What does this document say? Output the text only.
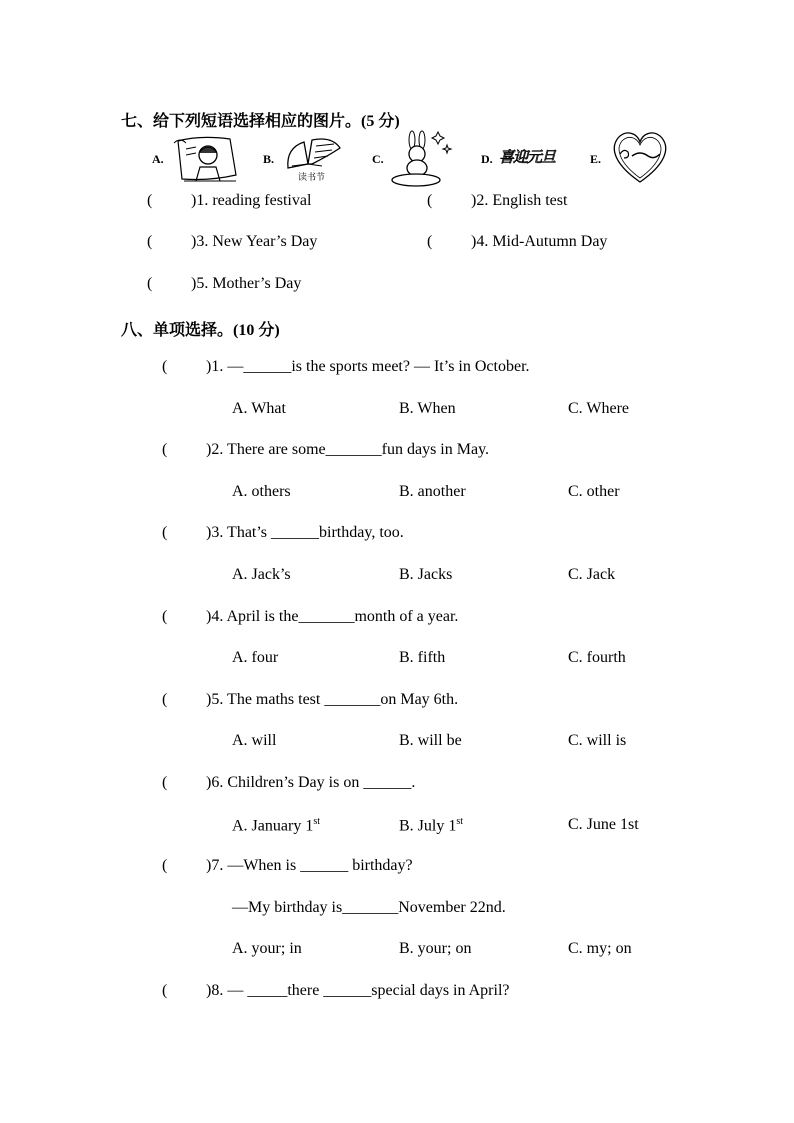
七、给下列短语选择相应的图片。(5 分)
A.	B.
读书节
C.	D. 喜迎元旦	E.
( )1. reading festival	( )2. English test
( )3. New Year’s Day	( )4. Mid-Autumn Day
( )5. Mother’s Day
八、单项选择。(10 分)
( )1. —______is the sports meet? — It’s in October.
A. What	B. When	C. Where
( )2. There are some_______fun days in May.
A. others	B. another	C. other
( )3. That’s ______birthday, too.
A. Jack’s	B. Jacks	C. Jack
( )4. April is the_______month of a year.
A. four	B. fifth	C. fourth
( )5. The maths test _______on May 6th.
A. will	B. will be	C. will is
( )6. Children’s Day is on ______.
A. January 1st	B. July 1st	C. June 1st
( )7. —When is ______ birthday?
—My birthday is_______November 22nd.
A. your; in	B. your; on	C. my; on
( )8. — _____there ______special days in April?
